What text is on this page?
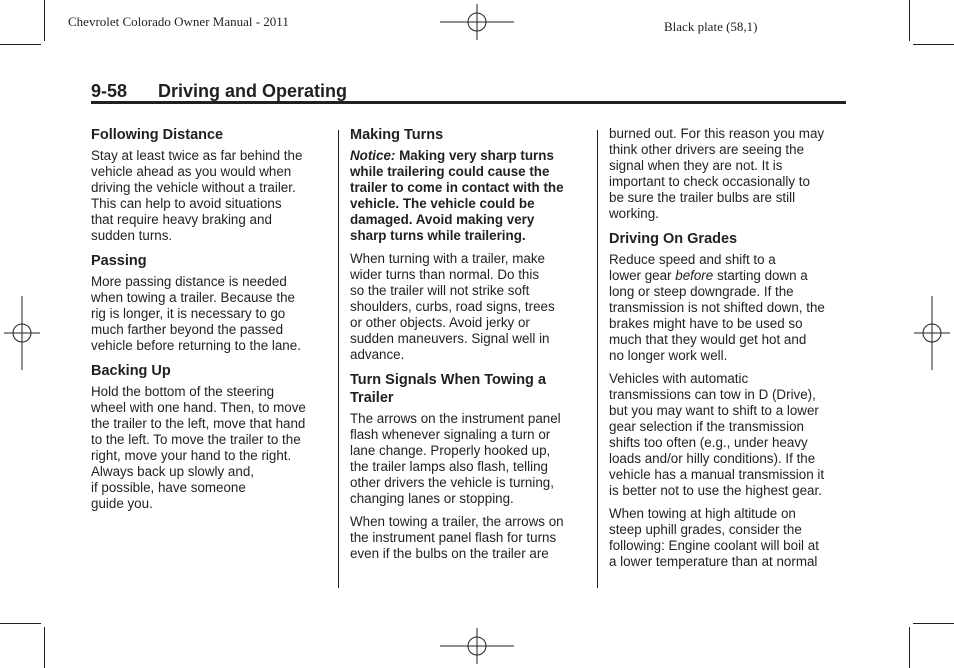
Chevrolet Colorado Owner Manual - 2011	Black plate (58,1)
9-58 Driving and Operating
Following Distance

Stay at least twice as far behind the
vehicle ahead as you would when
driving the vehicle without a trailer.
This can help to avoid situations
that require heavy braking and
sudden turns.

Passing

More passing distance is needed
when towing a trailer. Because the
rig is longer, it is necessary to go
much farther beyond the passed
vehicle before returning to the lane.

Backing Up

Hold the bottom of the steering
wheel with one hand. Then, to move
the trailer to the left, move that hand
to the left. To move the trailer to the
right, move your hand to the right.
Always back up slowly and,
if possible, have someone
guide you.

Making Turns

Notice: Making very sharp turns
while trailering could cause the
trailer to come in contact with the
vehicle. The vehicle could be
damaged. Avoid making very
sharp turns while trailering.

When turning with a trailer, make
wider turns than normal. Do this
so the trailer will not strike soft
shoulders, curbs, road signs, trees
or other objects. Avoid jerky or
sudden maneuvers. Signal well in
advance.

Turn Signals When Towing a
Trailer

The arrows on the instrument panel
flash whenever signaling a turn or
lane change. Properly hooked up,
the trailer lamps also flash, telling
other drivers the vehicle is turning,
changing lanes or stopping.

When towing a trailer, the arrows on
the instrument panel flash for turns
even if the bulbs on the trailer are

burned out. For this reason you may
think other drivers are seeing the
signal when they are not. It is
important to check occasionally to
be sure the trailer bulbs are still
working.

Driving On Grades

Reduce speed and shift to a
lower gear before starting down a
long or steep downgrade. If the
transmission is not shifted down, the
brakes might have to be used so
much that they would get hot and
no longer work well.

Vehicles with automatic
transmissions can tow in D (Drive),
but you may want to shift to a lower
gear selection if the transmission
shifts too often (e.g., under heavy
loads and/or hilly conditions). If the
vehicle has a manual transmission it
is better not to use the highest gear.

When towing at high altitude on
steep uphill grades, consider the
following: Engine coolant will boil at
a lower temperature than at normal
